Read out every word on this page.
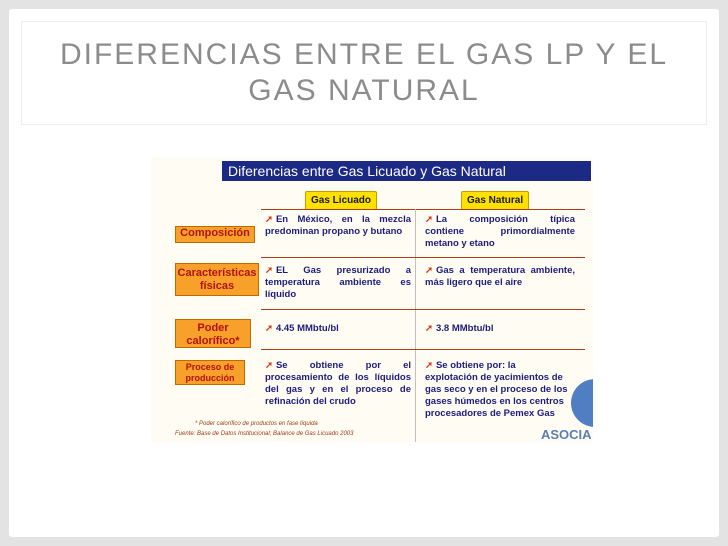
DIFERENCIAS ENTRE EL GAS LP Y EL
GAS NATURAL
Diferencias entre Gas Licuado y Gas Natural
Gas Licuado	Gas Natural
Composición
➚ En México, en la mezcla predominan propano y butano
➚ La composición típica contiene primordialmente metano y etano
Características físicas
➚ EL Gas presurizado a temperatura ambiente es líquido
➚ Gas a temperatura ambiente, más ligero que el aire
Poder calorífico*
➚ 4.45 MMbtu/bl	➚ 3.8 MMbtu/bl
Proceso de producción
➚ Se obtiene por el procesamiento de los líquidos del gas y en el proceso de refinación del crudo
➚ Se obtiene por: la explotación de yacimientos de gas seco y en el proceso de los gases húmedos en los centros procesadores de Pemex Gas
ASOCIA
* Poder calorífico de productos en fase líquida
Fuente: Base de Datos Institucional; Balance de Gas Licuado 2003
